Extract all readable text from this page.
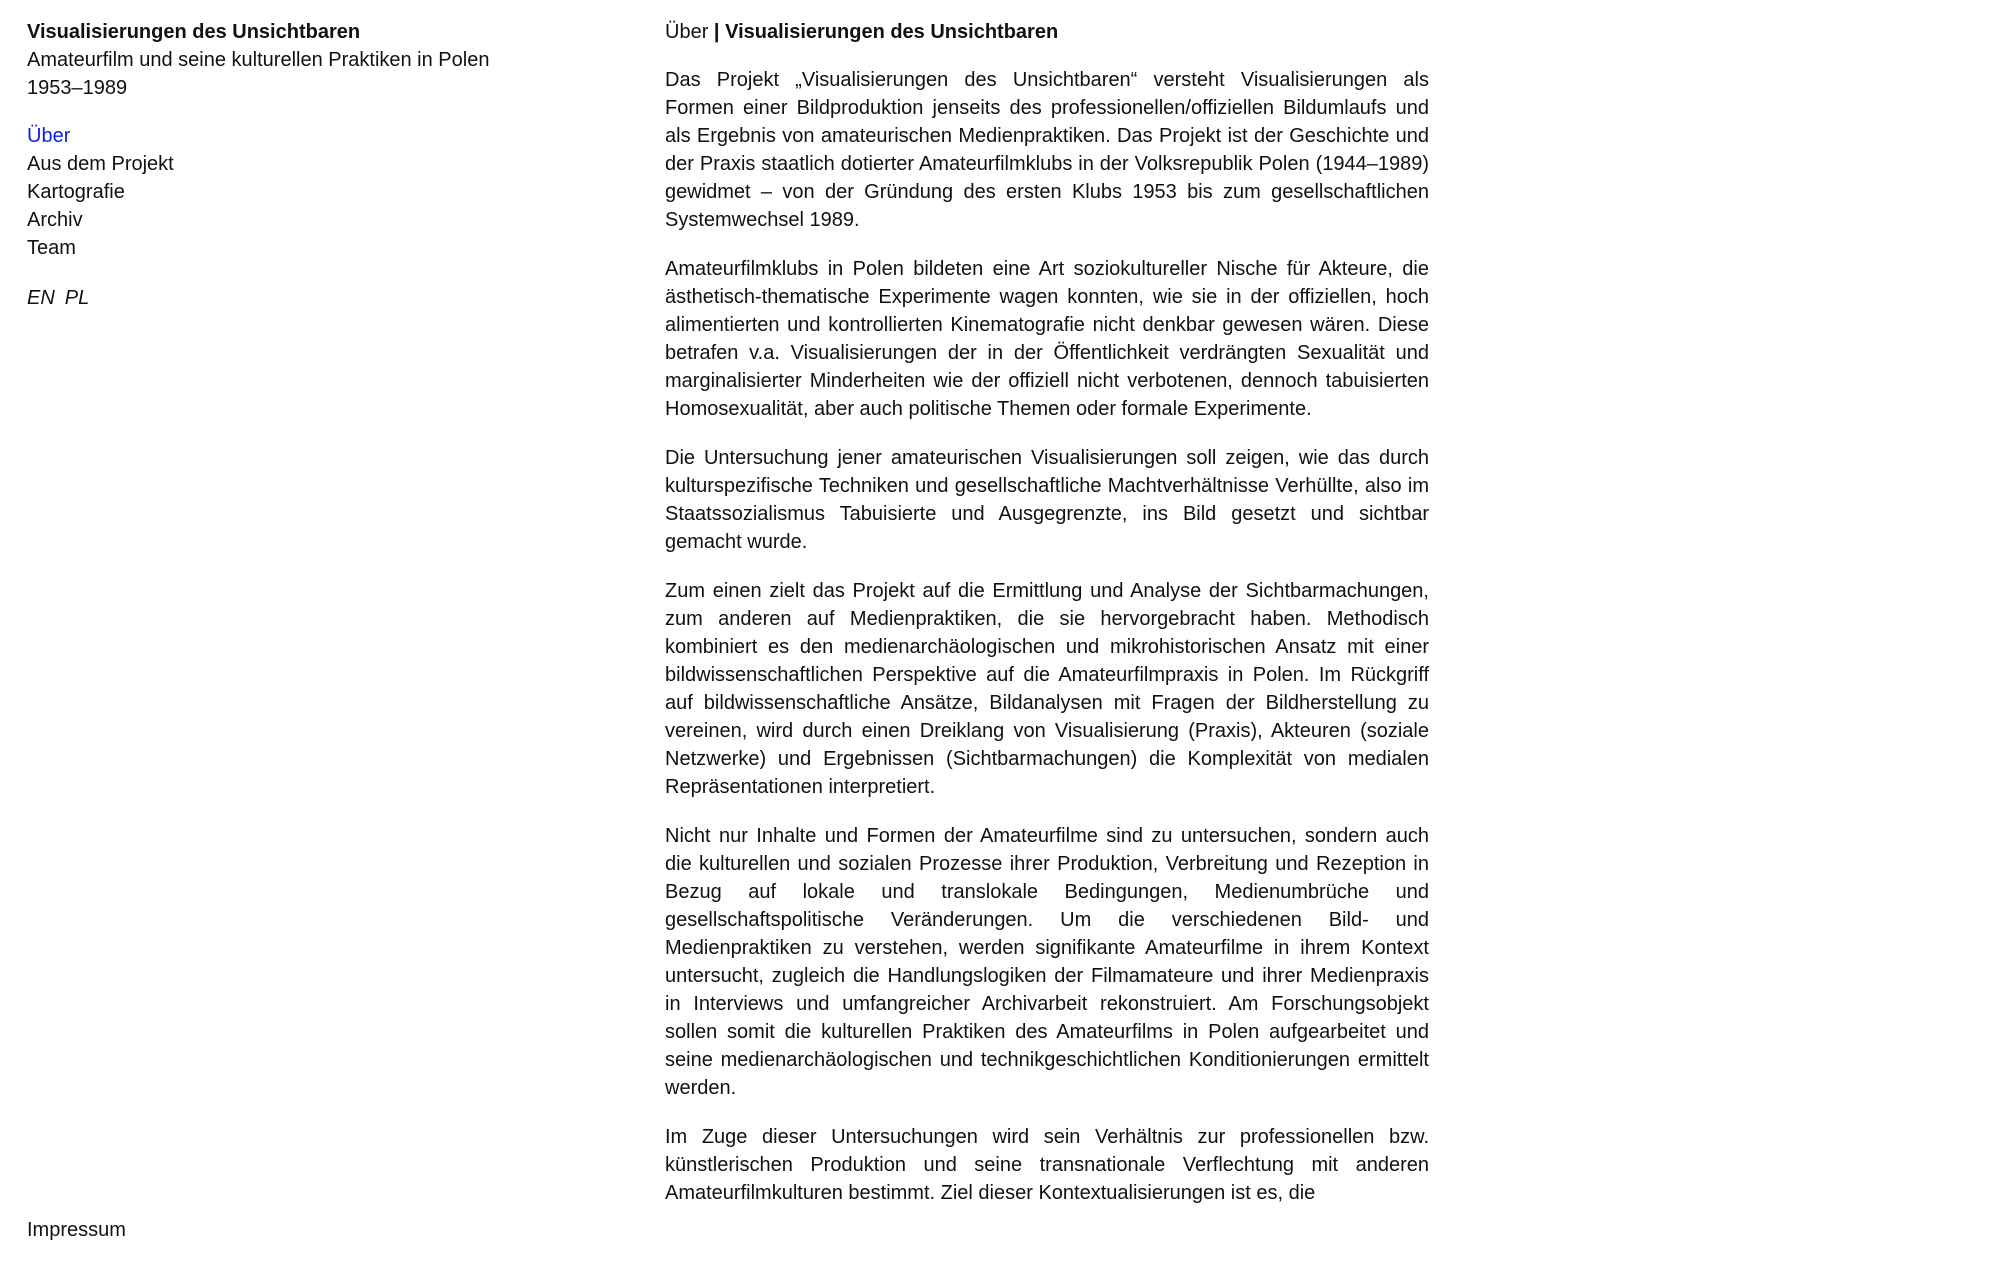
Visualisierungen des Unsichtbaren
Amateurfilm und seine kulturellen Praktiken in Polen
1953–1989
Über
Aus dem Projekt
Kartografie
Archiv
Team
EN PL
Impressum
Über | Visualisierungen des Unsichtbaren

Das Projekt „Visualisierungen des Unsichtbaren“ versteht Visualisierungen als Formen einer Bildproduktion jenseits des professionellen/offiziellen Bildumlaufs und als Ergebnis von amateurischen Medienpraktiken. Das Projekt ist der Geschichte und der Praxis staatlich dotierter Amateurfilmklubs in der Volksrepublik Polen (1944–1989) gewidmet – von der Gründung des ersten Klubs 1953 bis zum gesellschaftlichen Systemwechsel 1989.

Amateurfilmklubs in Polen bildeten eine Art soziokultureller Nische für Akteure, die ästhetisch-thematische Experimente wagen konnten, wie sie in der offiziellen, hoch alimentierten und kontrollierten Kinematografie nicht denkbar gewesen wären. Diese betrafen v.a. Visualisierungen der in der Öffentlichkeit verdrängten Sexualität und marginalisierter Minderheiten wie der offiziell nicht verbotenen, dennoch tabuisierten Homosexualität, aber auch politische Themen oder formale Experimente.

Die Untersuchung jener amateurischen Visualisierungen soll zeigen, wie das durch kulturspezifische Techniken und gesellschaftliche Machtverhältnisse Verhüllte, also im Staatssozialismus Tabuisierte und Ausgegrenzte, ins Bild gesetzt und sichtbar gemacht wurde.

Zum einen zielt das Projekt auf die Ermittlung und Analyse der Sichtbarmachungen, zum anderen auf Medienpraktiken, die sie hervorgebracht haben. Methodisch kombiniert es den medienarchäologischen und mikrohistorischen Ansatz mit einer bildwissenschaftlichen Perspektive auf die Amateurfilmpraxis in Polen. Im Rückgriff auf bildwissenschaftliche Ansätze, Bildanalysen mit Fragen der Bildherstellung zu vereinen, wird durch einen Dreiklang von Visualisierung (Praxis), Akteuren (soziale Netzwerke) und Ergebnissen (Sichtbarmachungen) die Komplexität von medialen Repräsentationen interpretiert.

Nicht nur Inhalte und Formen der Amateurfilme sind zu untersuchen, sondern auch die kulturellen und sozialen Prozesse ihrer Produktion, Verbreitung und Rezeption in Bezug auf lokale und translokale Bedingungen, Medienumbrüche und gesellschaftspolitische Veränderungen. Um die verschiedenen Bild- und Medienpraktiken zu verstehen, werden signifikante Amateurfilme in ihrem Kontext untersucht, zugleich die Handlungslogiken der Filmamateure und ihrer Medienpraxis in Interviews und umfangreicher Archivarbeit rekonstruiert. Am Forschungsobjekt sollen somit die kulturellen Praktiken des Amateurfilms in Polen aufgearbeitet und seine medienarchäologischen und technikgeschichtlichen Konditionierungen ermittelt werden.

Im Zuge dieser Untersuchungen wird sein Verhältnis zur professionellen bzw. künstlerischen Produktion und seine transnationale Verflechtung mit anderen Amateurfilmkulturen bestimmt. Ziel dieser Kontextualisierungen ist es, die
